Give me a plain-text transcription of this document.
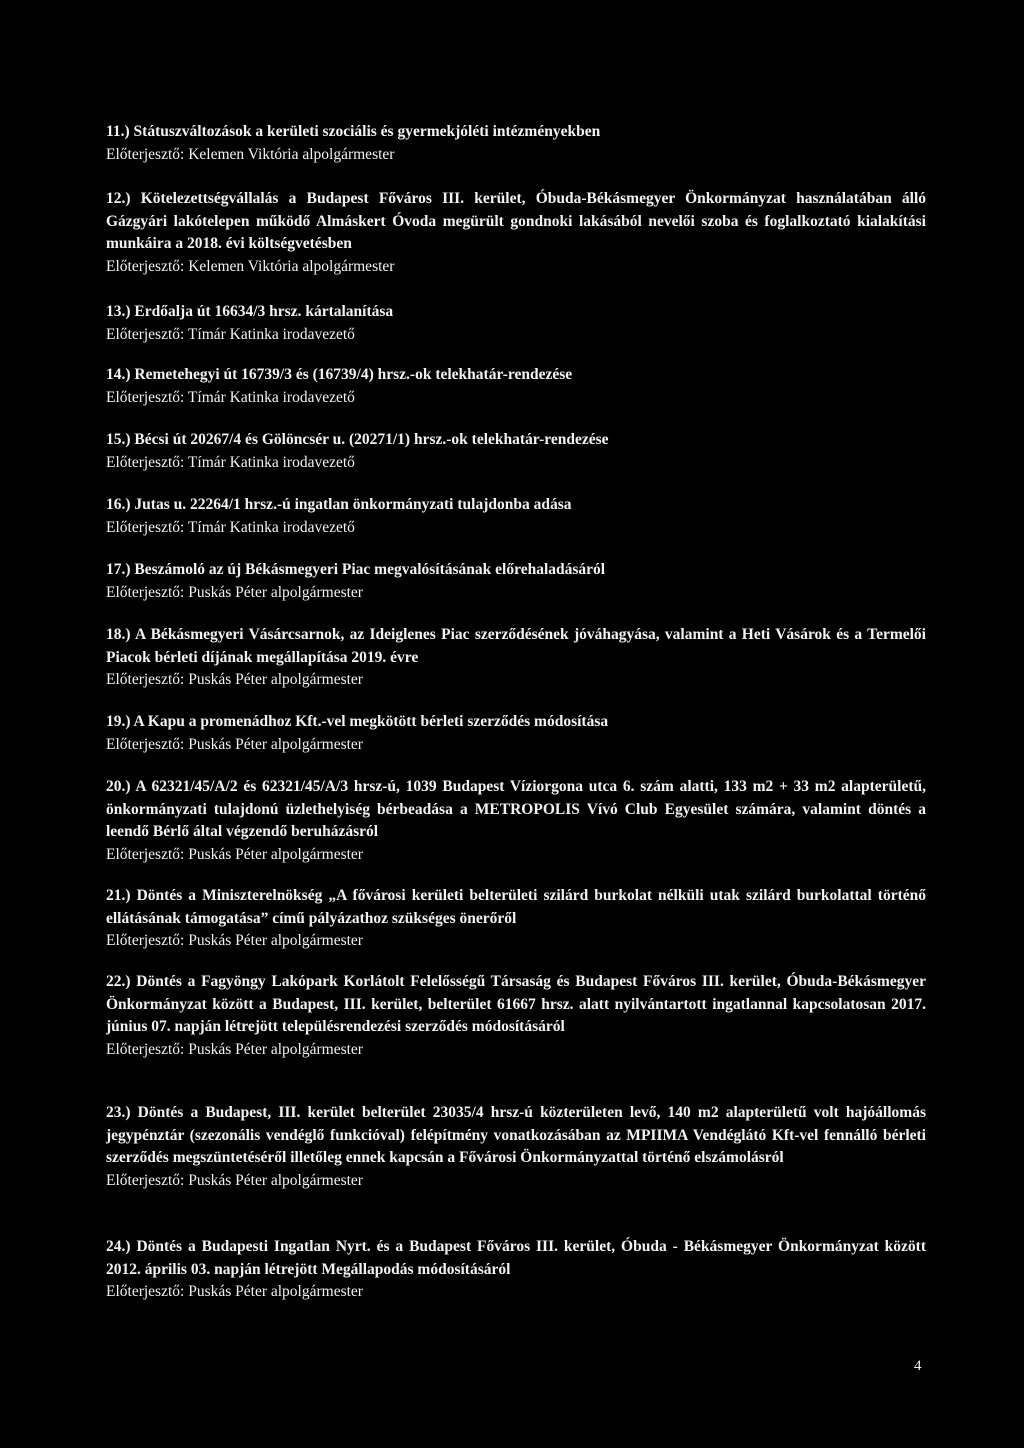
11.) Státuszváltozások a kerületi szociális és gyermekjóléti intézményekben

Előterjesztő: Kelemen Viktória alpolgármester

12.) Kötelezettségvállalás a Budapest Főváros III. kerület, Óbuda-Békásmegyer Önkormányzat használatában álló Gázgyári lakótelepen működő Almáskert Óvoda megürült gondnoki lakásából nevelői szoba és foglalkoztató kialakítási munkáira a 2018. évi költségvetésben

Előterjesztő: Kelemen Viktória alpolgármester

13.) Erdőalja út 16634/3 hrsz. kártalanítása

Előterjesztő: Tímár Katinka irodavezető

14.) Remetehegyi út 16739/3 és (16739/4) hrsz.-ok telekhatár-rendezése

Előterjesztő: Tímár Katinka irodavezető

15.) Bécsi út 20267/4 és Gölöncsér u. (20271/1) hrsz.-ok telekhatár-rendezése

Előterjesztő: Tímár Katinka irodavezető

16.) Jutas u. 22264/1 hrsz.-ú ingatlan önkormányzati tulajdonba adása

Előterjesztő: Tímár Katinka irodavezető

17.) Beszámoló az új Békásmegyeri Piac megvalósításának előrehaladásáról

Előterjesztő: Puskás Péter alpolgármester

18.) A Békásmegyeri Vásárcsarnok, az Ideiglenes Piac szerződésének jóváhagyása, valamint a Heti Vásárok és a Termelői Piacok bérleti díjának megállapítása 2019. évre

Előterjesztő: Puskás Péter alpolgármester

19.) A Kapu a promenádhoz Kft.-vel megkötött bérleti szerződés módosítása

Előterjesztő: Puskás Péter alpolgármester

20.) A 62321/45/A/2 és 62321/45/A/3 hrsz-ú, 1039 Budapest Víziorgona utca 6. szám alatti, 133 m2 + 33 m2 alapterületű, önkormányzati tulajdonú üzlethelyiség bérbeadása a METROPOLIS Vívó Club Egyesület számára, valamint döntés a leendő Bérlő által végzendő beruházásról

Előterjesztő: Puskás Péter alpolgármester

21.) Döntés a Miniszterelnökség „A fővárosi kerületi belterületi szilárd burkolat nélküli utak szilárd burkolattal történő ellátásának támogatása” című pályázathoz szükséges önerőről

Előterjesztő: Puskás Péter alpolgármester

22.) Döntés a Fagyöngy Lakópark Korlátolt Felelősségű Társaság és Budapest Főváros III. kerület, Óbuda-Békásmegyer Önkormányzat között a Budapest, III. kerület, belterület 61667 hrsz. alatt nyilvántartott ingatlannal kapcsolatosan 2017. június 07. napján létrejött településrendezési szerződés módosításáról

Előterjesztő: Puskás Péter alpolgármester

23.) Döntés a Budapest, III. kerület belterület 23035/4 hrsz-ú közterületen levő, 140 m2 alapterületű volt hajóállomás jegypénztár (szezonális vendéglő funkcióval) felépítmény vonatkozásában az MPIIMA Vendéglátó Kft-vel fennálló bérleti szerződés megszüntetéséről illetőleg ennek kapcsán a Fővárosi Önkormányzattal történő elszámolásról

Előterjesztő: Puskás Péter alpolgármester

24.) Döntés a Budapesti Ingatlan Nyrt. és a Budapest Főváros III. kerület, Óbuda - Békásmegyer Önkormányzat között 2012. április 03. napján létrejött Megállapodás módosításáról

Előterjesztő: Puskás Péter alpolgármester

4
